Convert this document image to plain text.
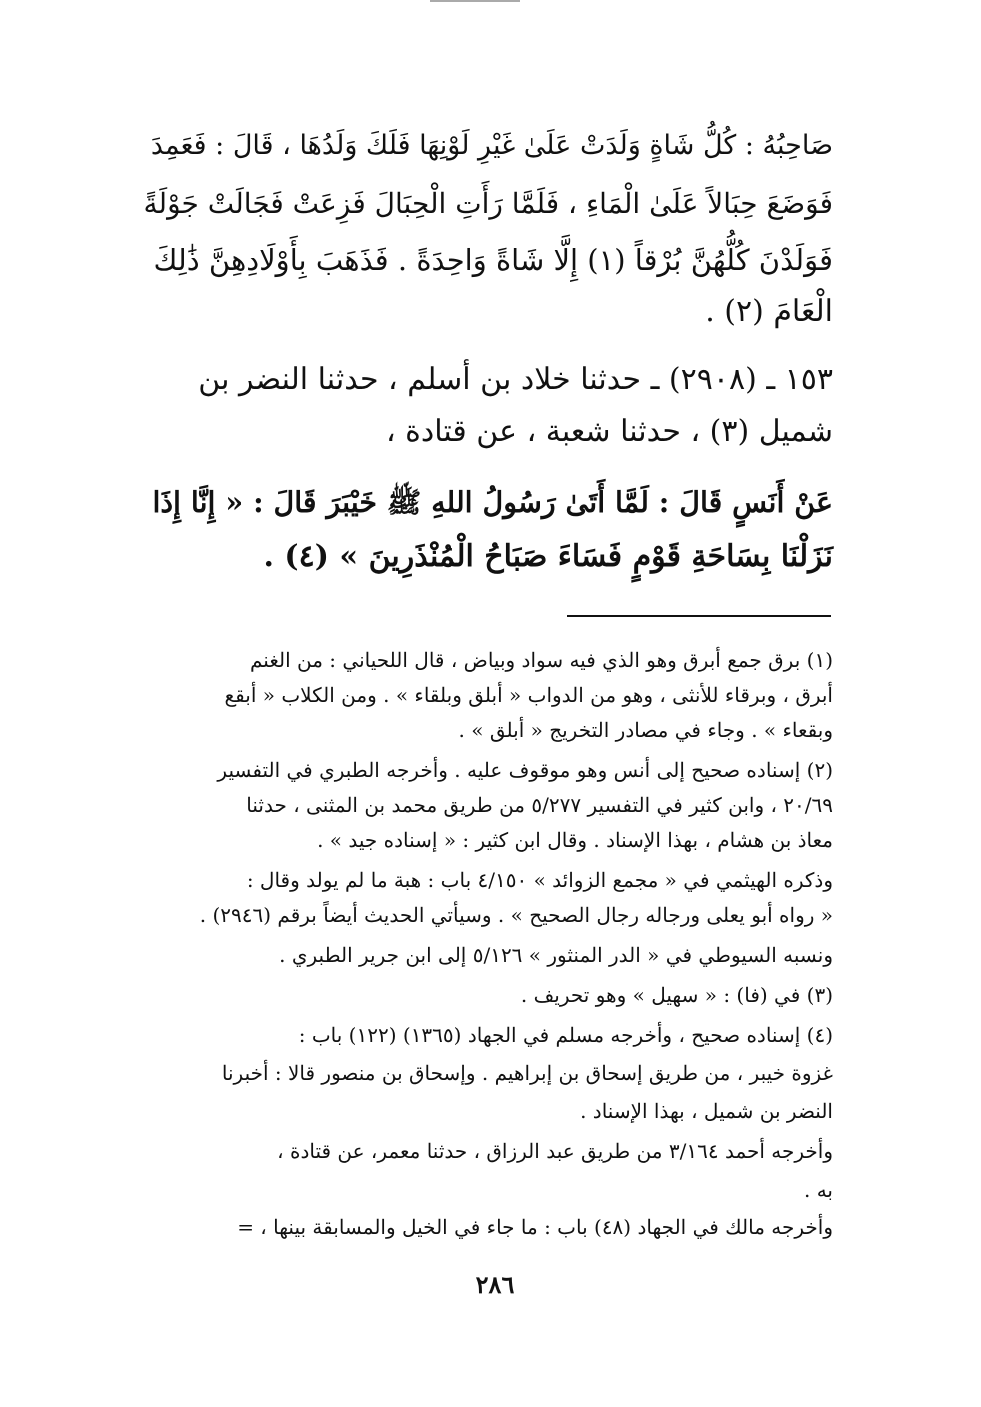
صَاحِبُهُ : كُلُّ شَاةٍ وَلَدَتْ عَلَىٰ غَيْرِ لَوْنِهَا فَلَكَ وَلَدُهَا ، قَالَ : فَعَمِدَ
فَوَضَعَ حِبَالاً عَلَىٰ الْمَاءِ ، فَلَمَّا رَأَتِ الْحِبَالَ فَزِعَتْ فَجَالَتْ جَوْلَةً
فَوَلَدْنَ كُلُّهُنَّ بُرْقاً (١) إِلَّا شَاةً وَاحِدَةً . فَذَهَبَ بِأَوْلَادِهِنَّ ذَٰلِكَ
الْعَامَ (٢) .
١٥٣ ـ (٢٩٠٨) ـ حدثنا خلاد بن أسلم ، حدثنا النضر بن
شميل (٣) ، حدثنا شعبة ، عن قتادة ،
عَنْ أَنَسٍ قَالَ : لَمَّا أَتَىٰ رَسُولُ اللهِ ﷺ خَيْبَرَ قَالَ : « إِنَّا إِذَا
نَزَلْنَا بِسَاحَةِ قَوْمٍ فَسَاءَ صَبَاحُ الْمُنْذَرِينَ » (٤) .
(١) برق جمع أبرق وهو الذي فيه سواد وبياض ، قال اللحياني : من الغنم
أبرق ، وبرقاء للأنثى ، وهو من الدواب « أبلق وبلقاء » . ومن الكلاب « أبقع
وبقعاء » . وجاء في مصادر التخريج « أبلق » .
(٢) إسناده صحيح إلى أنس وهو موقوف عليه . وأخرجه الطبري في التفسير
٢٠/٦٩ ، وابن كثير في التفسير ٥/٢٧٧ من طريق محمد بن المثنى ، حدثنا
معاذ بن هشام ، بهذا الإسناد . وقال ابن كثير : « إسناده جيد » .
وذكره الهيثمي في « مجمع الزوائد » ٤/١٥٠ باب : هبة ما لم يولد وقال :
« رواه أبو يعلى ورجاله رجال الصحيح » . وسيأتي الحديث أيضاً برقم (٢٩٤٦) .
ونسبه السيوطي في « الدر المنثور » ٥/١٢٦ إلى ابن جرير الطبري .
(٣) في (فا) : « سهيل » وهو تحريف .
(٤) إسناده صحيح ، وأخرجه مسلم في الجهاد (١٣٦٥) (١٢٢) باب :
غزوة خيبر ، من طريق إسحاق بن إبراهيم . وإسحاق بن منصور قالا : أخبرنا
النضر بن شميل ، بهذا الإسناد .
وأخرجه أحمد ٣/١٦٤ من طريق عبد الرزاق ، حدثنا معمر، عن قتادة ،
به .
وأخرجه مالك في الجهاد (٤٨) باب : ما جاء في الخيل والمسابقة بينها ، =
٢٨٦
